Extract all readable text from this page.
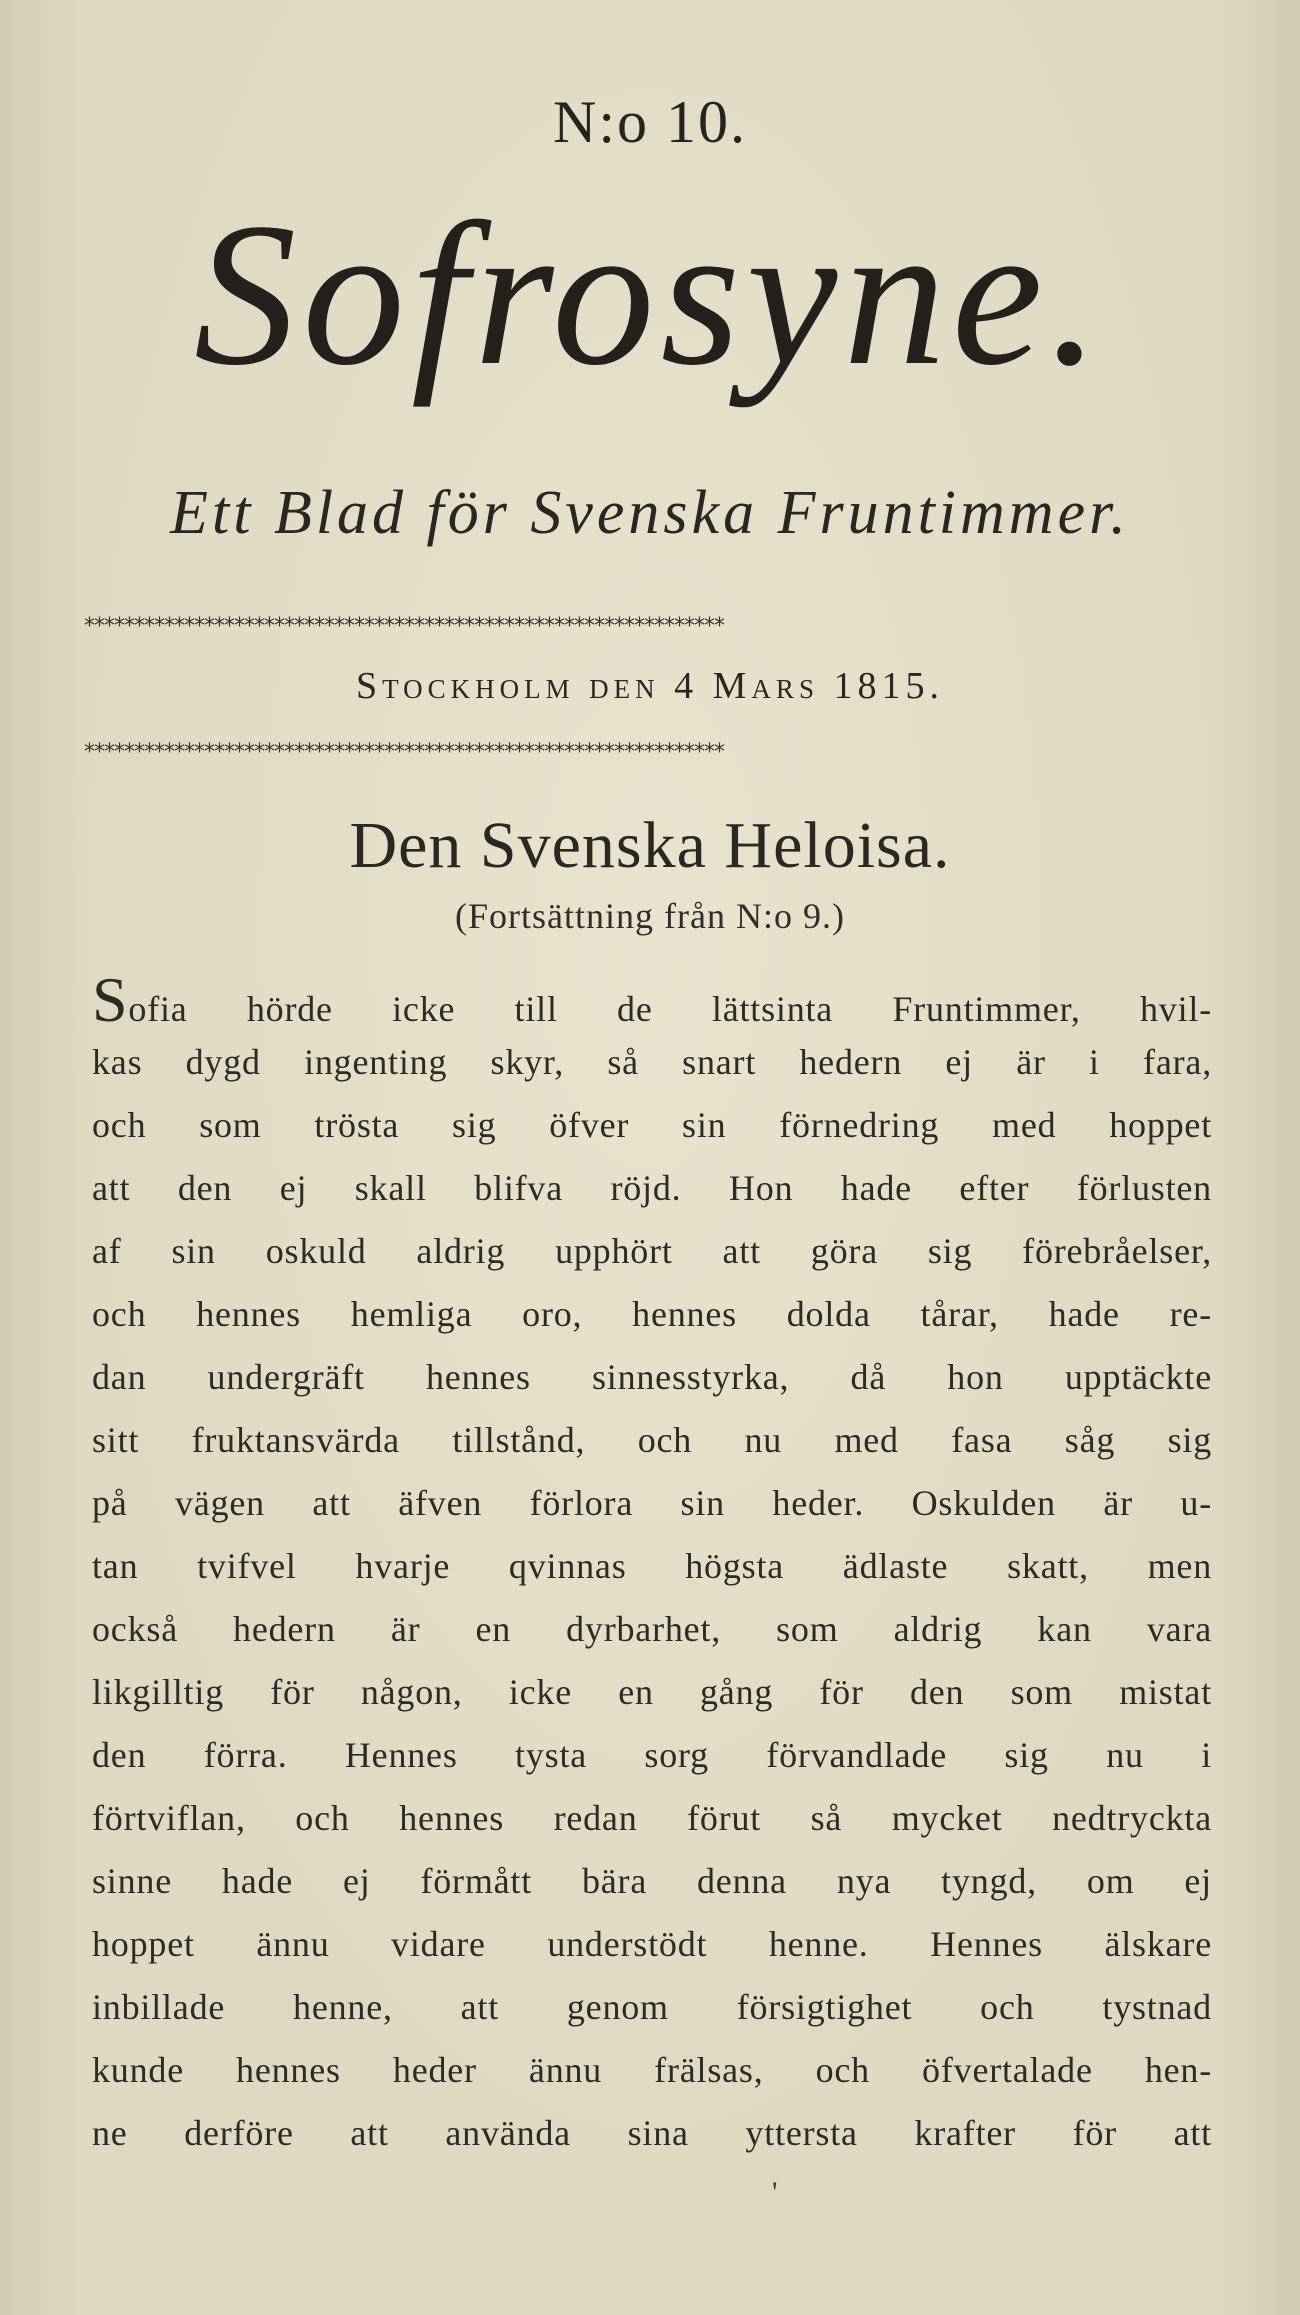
N:o 10.
Sofrosyne.
Ett Blad för Svenska Fruntimmer.
****************************************************************
Stockholm den 4 Mars 1815.
****************************************************************
Den Svenska Heloisa.
(Fortsättning från N:o 9.)
S ofia hörde icke till de lättsinta Fruntimmer, hvil-
kas dygd ingenting skyr, så snart hedern ej är i fara,
och som trösta sig öfver sin förnedring med hoppet
att den ej skall blifva röjd. Hon hade efter förlusten
af sin oskuld aldrig upphört att göra sig förebråelser,
och hennes hemliga oro, hennes dolda tårar, hade re-
dan undergräft hennes sinnesstyrka, då hon upptäckte
sitt fruktansvärda tillstånd, och nu med fasa såg sig
på vägen att äfven förlora sin heder. Oskulden är u-
tan tvifvel hvarje qvinnas högsta ädlaste skatt, men
också hedern är en dyrbarhet, som aldrig kan vara
likgilltig för någon, icke en gång för den som mistat
den förra. Hennes tysta sorg förvandlade sig nu i
förtviflan, och hennes redan förut så mycket nedtryckta
sinne hade ej förmått bära denna nya tyngd, om ej
hoppet ännu vidare understödt henne. Hennes älskare
inbillade henne, att genom försigtighet och tystnad
kunde hennes heder ännu frälsas, och öfvertalade hen-
ne derföre att använda sina yttersta krafter för att
'
